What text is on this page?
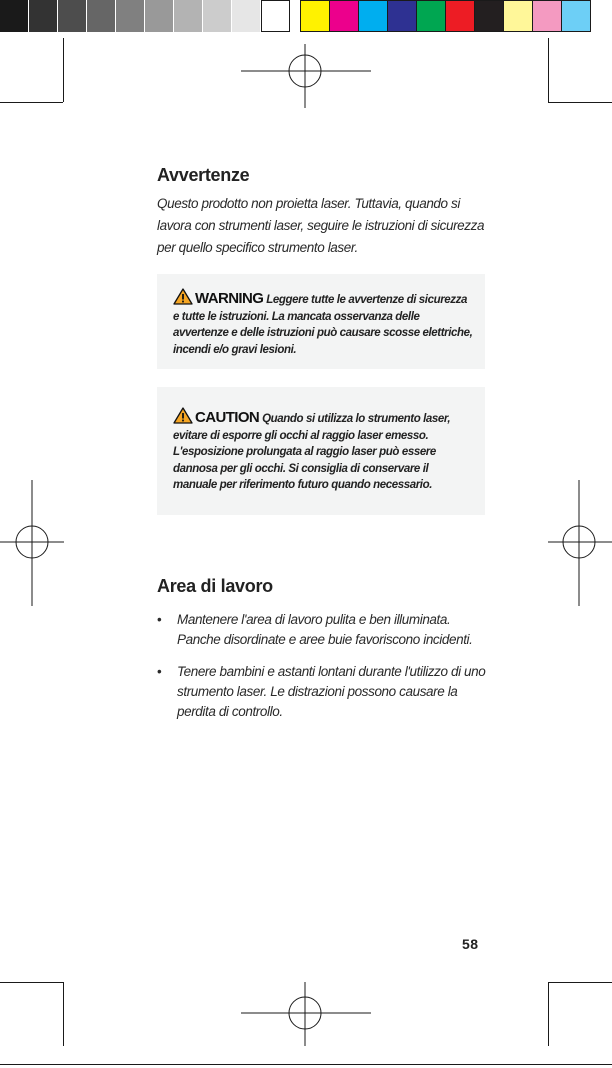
Avvertenze

Questo prodotto non proietta laser. Tuttavia, quando si lavora con strumenti laser, seguire le istruzioni di sicurezza per quello specifico strumento laser.

WARNING Leggere tutte le avvertenze di sicurezza e tutte le istruzioni. La mancata osservanza delle avvertenze e delle istruzioni può causare scosse elettriche, incendi e/o gravi lesioni.

CAUTION Quando si utilizza lo strumento laser, evitare di esporre gli occhi al raggio laser emesso. L'esposizione prolungata al raggio laser può essere dannosa per gli occhi. Si consiglia di conservare il manuale per riferimento futuro quando necessario.

Area di lavoro
• Mantenere l'area di lavoro pulita e ben illuminata. Panche disordinate e aree buie favoriscono incidenti.
• Tenere bambini e astanti lontani durante l'utilizzo di uno strumento laser. Le distrazioni possono causare la perdita di controllo.
58
